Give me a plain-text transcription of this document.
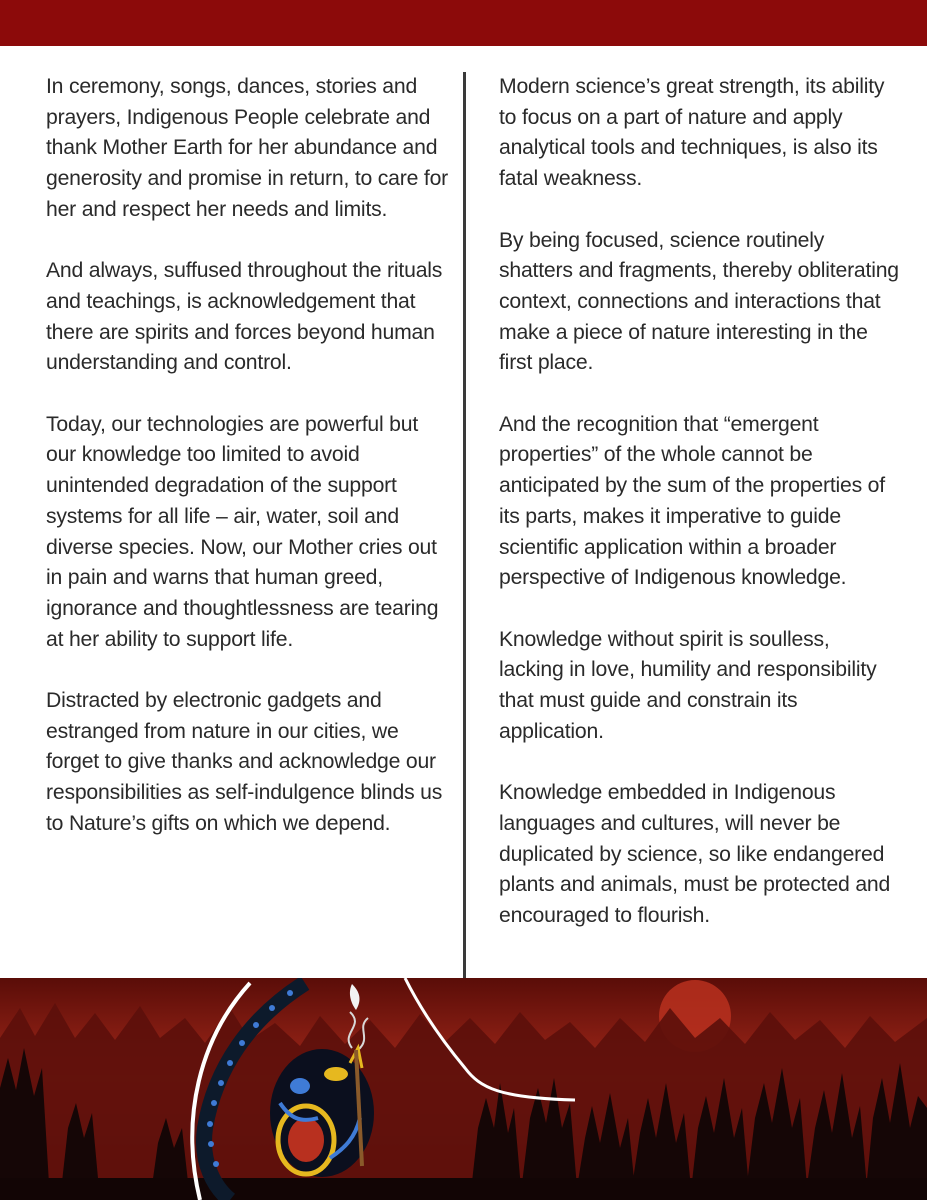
In ceremony, songs, dances, stories and prayers, Indigenous People celebrate and thank Mother Earth for her abundance and generosity and promise in return, to care for her and respect her needs and limits.

And always, suffused throughout the rituals and teachings, is acknowledgement that there are spirits and forces beyond human understanding and control.

Today, our technologies are powerful but our knowledge too limited to avoid unintended degradation of the support systems for all life – air, water, soil and diverse species. Now, our Mother cries out in pain and warns that human greed, ignorance and thoughtlessness are tearing at her ability to support life.

Distracted by electronic gadgets and estranged from nature in our cities, we forget to give thanks and acknowledge our responsibilities as self-indulgence blinds us to Nature’s gifts on which we depend.

Modern science’s great strength, its ability to focus on a part of nature and apply analytical tools and techniques, is also its fatal weakness.

By being focused, science routinely shatters and fragments, thereby obliterating context, connections and interactions that make a piece of nature interesting in the first place.

And the recognition that “emergent properties” of the whole cannot be anticipated by the sum of the properties of its parts, makes it imperative to guide scientific application within a broader perspective of Indigenous knowledge.

Knowledge without spirit is soulless, lacking in love, humility and responsibility that must guide and constrain its application.

Knowledge embedded in Indigenous languages and cultures, will never be duplicated by science, so like endangered plants and animals, must be protected and encouraged to flourish.
